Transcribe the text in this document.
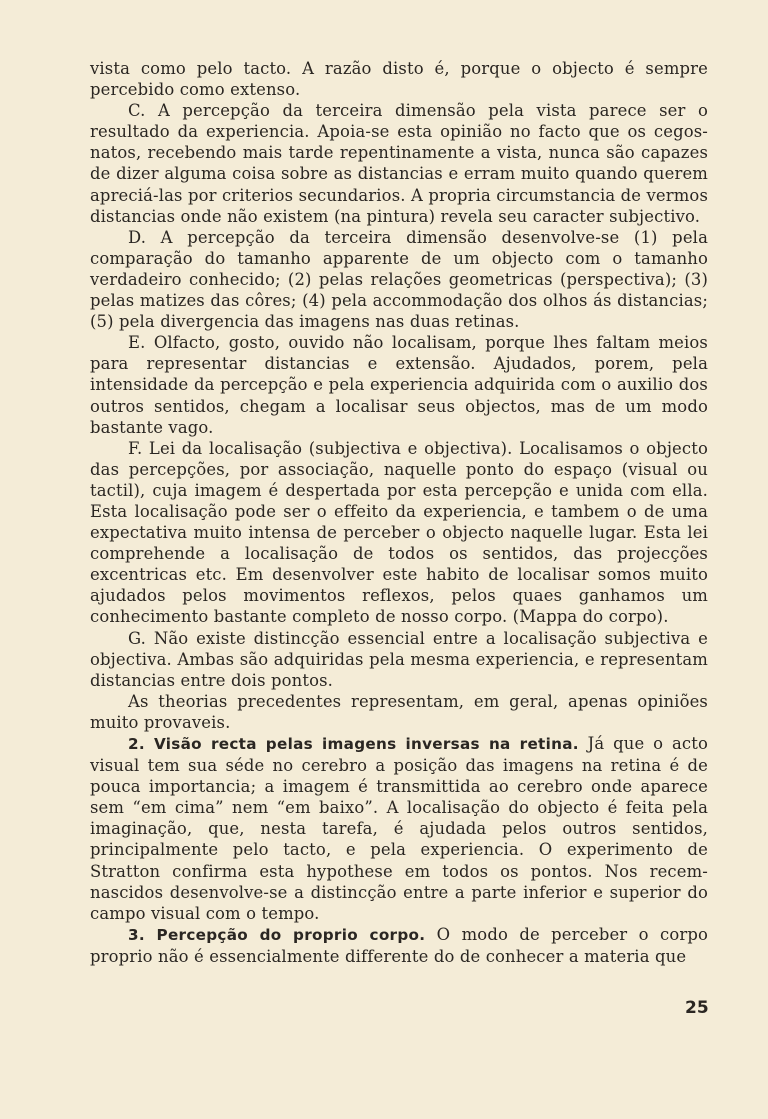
vista como pelo tacto. A razão disto é, porque o objecto é sempre percebido como extenso.

C. A percepção da terceira dimensão pela vista parece ser o resultado da experiencia. Apoia-se esta opinião no facto que os cegos-natos, recebendo mais tarde repentinamente a vista, nunca são capazes de dizer alguma coisa sobre as distancias e erram muito quando querem apreciá-las por criterios secundarios. A propria circumstancia de vermos distancias onde não existem (na pintura) revela seu caracter subjectivo.

D. A percepção da terceira dimensão desenvolve-se (1) pela comparação do tamanho apparente de um objecto com o tamanho verdadeiro conhecido; (2) pelas relações geometricas (perspectiva); (3) pelas matizes das côres; (4) pela accommodação dos olhos ás distancias; (5) pela divergencia das imagens nas duas retinas.

E. Olfacto, gosto, ouvido não localisam, porque lhes faltam meios para representar distancias e extensão. Ajudados, porem, pela intensidade da percepção e pela experiencia adquirida com o auxilio dos outros sentidos, chegam a localisar seus objectos, mas de um modo bastante vago.

F. Lei da localisação (subjectiva e objectiva). Localisamos o objecto das percepções, por associação, naquelle ponto do espaço (visual ou tactil), cuja imagem é despertada por esta percepção e unida com ella. Esta localisação pode ser o effeito da experiencia, e tambem o de uma expectativa muito intensa de perceber o objecto naquelle lugar. Esta lei comprehende a localisação de todos os sentidos, das projecções excentricas etc. Em desenvolver este habito de localisar somos muito ajudados pelos movimentos reflexos, pelos quaes ganhamos um conhecimento bastante completo de nosso corpo. (Mappa do corpo).

G. Não existe distincção essencial entre a localisação subjectiva e objectiva. Ambas são adquiridas pela mesma experiencia, e representam distancias entre dois pontos.

As theorias precedentes representam, em geral, apenas opiniões muito provaveis.

2. Visão recta pelas imagens inversas na retina. Já que o acto visual tem sua séde no cerebro a posição das imagens na retina é de pouca importancia; a imagem é transmittida ao cerebro onde aparece sem “em cima” nem “em baixo”. A localisação do objecto é feita pela imaginação, que, nesta tarefa, é ajudada pelos outros sentidos, principalmente pelo tacto, e pela experiencia. O experimento de Stratton confirma esta hypothese em todos os pontos. Nos recem-nascidos desenvolve-se a distincção entre a parte inferior e superior do campo visual com o tempo.

3. Percepção do proprio corpo. O modo de perceber o corpo proprio não é essencialmente differente do de conhecer a materia que

25
